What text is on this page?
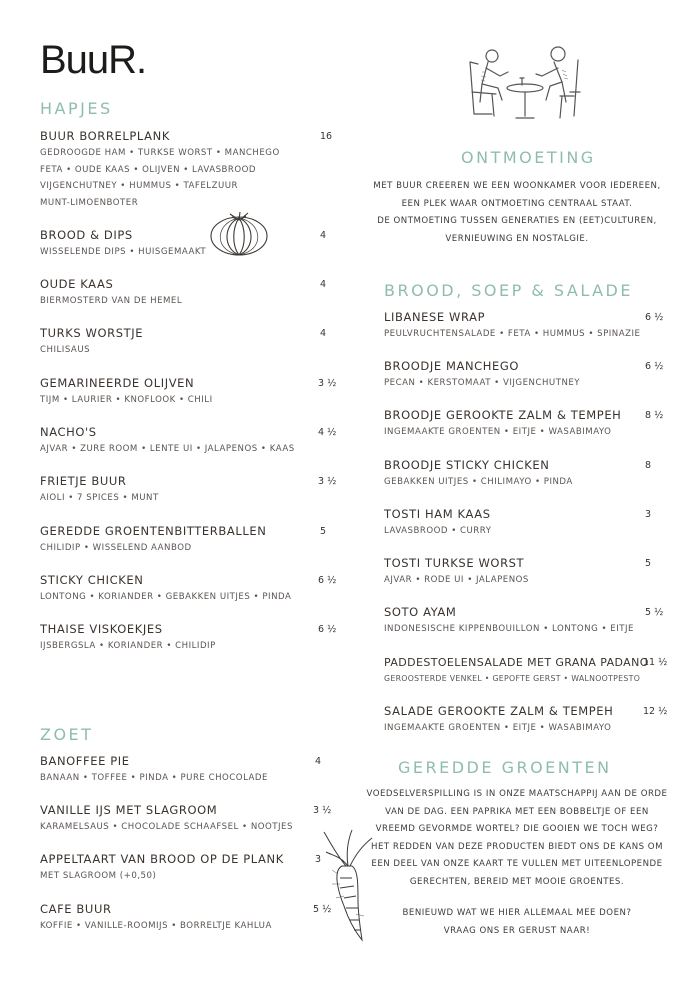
BuuR.
HAPJES
BUUR BORRELPLANK
GEDROOGDE HAM • TURKSE WORST • MANCHEGO
FETA • OUDE KAAS • OLIJVEN • LAVASBROOD
VIJGENCHUTNEY • HUMMUS • TAFELZUUR
MUNT-LIMOENBOTER
16
BROOD & DIPS
WISSELENDE DIPS • HUISGEMAAKT
4
OUDE KAAS
BIERMOSTERD VAN DE HEMEL
4
TURKS WORSTJE
CHILISAUS
4
GEMARINEERDE OLIJVEN
TIJM • LAURIER • KNOFLOOK • CHILI
3 ½
NACHO'S
AJVAR • ZURE ROOM • LENTE UI • JALAPENOS • KAAS
4 ½
FRIETJE BUUR
AIOLI • 7 SPICES • MUNT
3 ½
GEREDDE GROENTENBITTERBALLEN
CHILIDIP • WISSELEND AANBOD
5
STICKY CHICKEN
LONTONG • KORIANDER • GEBAKKEN UITJES • PINDA
6 ½
THAISE VISKOEKJES
IJSBERGSLA • KORIANDER • CHILIDIP
6 ½
ZOET
BANOFFEE PIE
BANAAN • TOFFEE • PINDA • PURE CHOCOLADE
4
VANILLE IJS MET SLAGROOM
KARAMELSAUS • CHOCOLADE SCHAAFSEL • NOOTJES
3 ½
APPELTAART VAN BROOD OP DE PLANK
MET SLAGROOM (+0,50)
3
CAFE BUUR
KOFFIE • VANILLE-ROOMIJS • BORRELTJE KAHLUA
5 ½
ONTMOETING

MET BUUR CREEREN WE EEN WOONKAMER VOOR IEDEREEN,

EEN PLEK WAAR ONTMOETING CENTRAAL STAAT.

DE ONTMOETING TUSSEN GENERATIES EN (EET)CULTUREN,

VERNIEUWING EN NOSTALGIE.

BROOD, SOEP & SALADE
LIBANESE WRAP
PEULVRUCHTENSALADE • FETA • HUMMUS • SPINAZIE
6 ½
BROODJE MANCHEGO
PECAN • KERSTOMAAT • VIJGENCHUTNEY
6 ½
BROODJE GEROOKTE ZALM & TEMPEH
INGEMAAKTE GROENTEN • EITJE • WASABIMAYO
8 ½
BROODJE STICKY CHICKEN
GEBAKKEN UITJES • CHILIMAYO • PINDA
8
TOSTI HAM KAAS
LAVASBROOD • CURRY
3
TOSTI TURKSE WORST
AJVAR • RODE UI • JALAPENOS
5
SOTO AYAM
INDONESISCHE KIPPENBOUILLON • LONTONG • EITJE
5 ½
PADDESTOELENSALADE MET GRANA PADANO
GEROOSTERDE VENKEL • GEPOFTE GERST • WALNOOTPESTO
11 ½
SALADE GEROOKTE ZALM & TEMPEH
INGEMAAKTE GROENTEN • EITJE • WASABIMAYO
12 ½
GEREDDE GROENTEN

VOEDSELVERSPILLING IS IN ONZE MAATSCHAPPIJ AAN DE ORDE

VAN DE DAG. EEN PAPRIKA MET EEN BOBBELTJE OF EEN

VREEMD GEVORMDE WORTEL? DIE GOOIEN WE TOCH WEG?

HET REDDEN VAN DEZE PRODUCTEN BIEDT ONS DE KANS OM

EEN DEEL VAN ONZE KAART TE VULLEN MET UITEENLOPENDE

GERECHTEN, BEREID MET MOOIE GROENTES.

BENIEUWD WAT WE HIER ALLEMAAL MEE DOEN?

VRAAG ONS ER GERUST NAAR!
